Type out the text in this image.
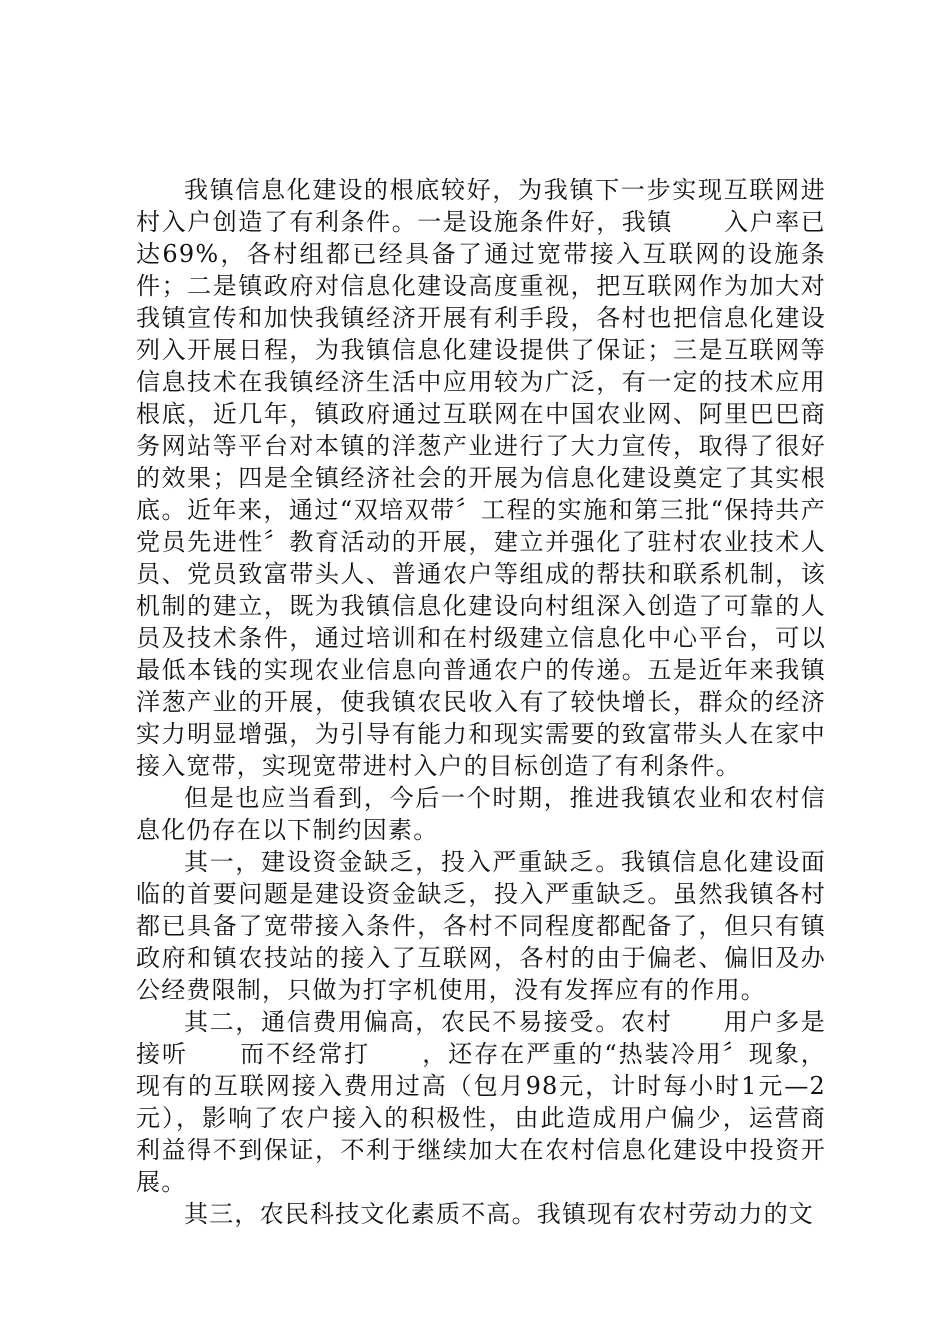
我镇信息化建设的根底较好，为我镇下一步实现互联网进村入户创造了有利条件。一是设施条件好，我镇　　入户率已达69%，各村组都已经具备了通过宽带接入互联网的设施条件；二是镇政府对信息化建设高度重视，把互联网作为加大对我镇宣传和加快我镇经济开展有利手段，各村也把信息化建设列入开展日程，为我镇信息化建设提供了保证；三是互联网等信息技术在我镇经济生活中应用较为广泛，有一定的技术应用根底，近几年，镇政府通过互联网在中国农业网、阿里巴巴商务网站等平台对本镇的洋葱产业进行了大力宣传，取得了很好的效果；四是全镇经济社会的开展为信息化建设奠定了其实根底。近年来，通过“双培双带〞工程的实施和第三批“保持共产党员先进性〞教育活动的开展，建立并强化了驻村农业技术人员、党员致富带头人、普通农户等组成的帮扶和联系机制，该机制的建立，既为我镇信息化建设向村组深入创造了可靠的人员及技术条件，通过培训和在村级建立信息化中心平台，可以最低本钱的实现农业信息向普通农户的传递。五是近年来我镇洋葱产业的开展，使我镇农民收入有了较快增长，群众的经济实力明显增强，为引导有能力和现实需要的致富带头人在家中接入宽带，实现宽带进村入户的目标创造了有利条件。

但是也应当看到，今后一个时期，推进我镇农业和农村信息化仍存在以下制约因素。

其一，建设资金缺乏，投入严重缺乏。我镇信息化建设面临的首要问题是建设资金缺乏，投入严重缺乏。虽然我镇各村都已具备了宽带接入条件，各村不同程度都配备了，但只有镇政府和镇农技站的接入了互联网，各村的由于偏老、偏旧及办公经费限制，只做为打字机使用，没有发挥应有的作用。

其二，通信费用偏高，农民不易接受。农村　　用户多是接听　　而不经常打　　，还存在严重的“热装冷用〞现象，现有的互联网接入费用过高（包月98元，计时每小时1元—2元），影响了农户接入的积极性，由此造成用户偏少，运营商利益得不到保证，不利于继续加大在农村信息化建设中投资开展。

其三，农民科技文化素质不高。我镇现有农村劳动力的文
